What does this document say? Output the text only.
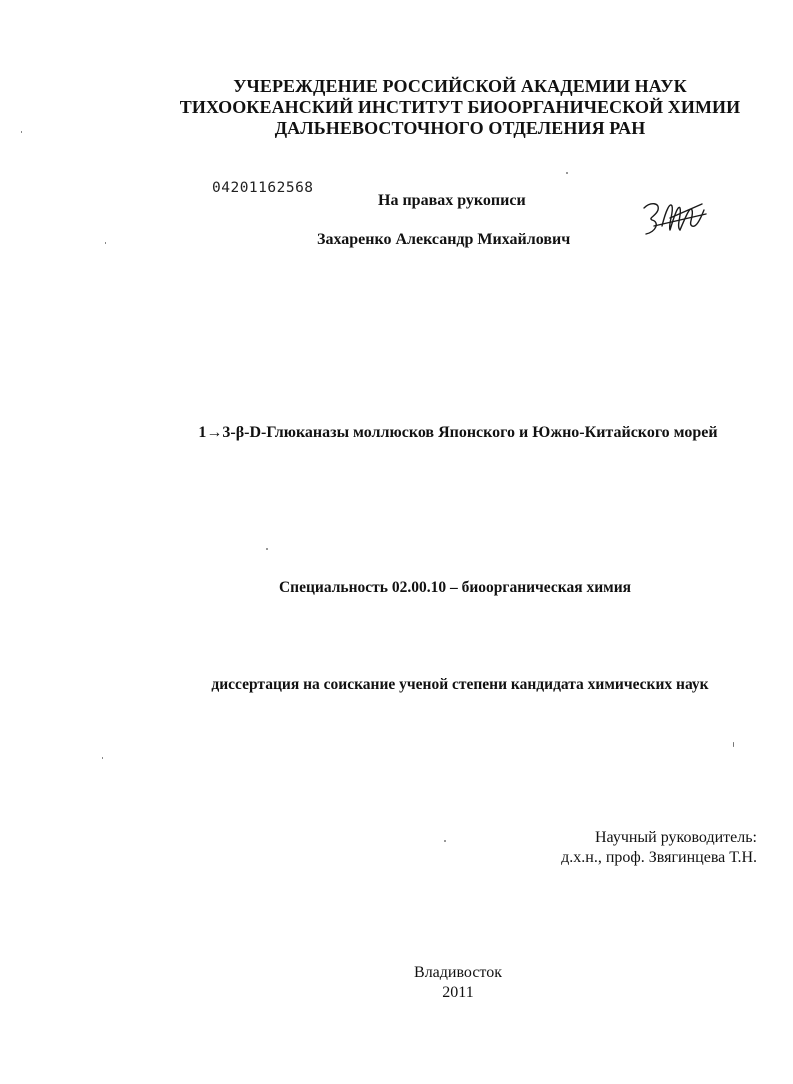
УЧЕРЕЖДЕНИЕ РОССИЙСКОЙ АКАДЕМИИ НАУК
ТИХООКЕАНСКИЙ ИНСТИТУТ БИООРГАНИЧЕСКОЙ ХИМИИ
ДАЛЬНЕВОСТОЧНОГО ОТДЕЛЕНИЯ РАН
04201162568
На правах рукописи
Захаренко Александр Михайлович
1→3-β-D-Глюканазы моллюсков Японского и Южно-Китайского морей
Специальность 02.00.10 – биоорганическая химия
диссертация на соискание ученой степени кандидата химических наук
Научный руководитель:
д.х.н., проф. Звягинцева Т.Н.
Владивосток
2011
